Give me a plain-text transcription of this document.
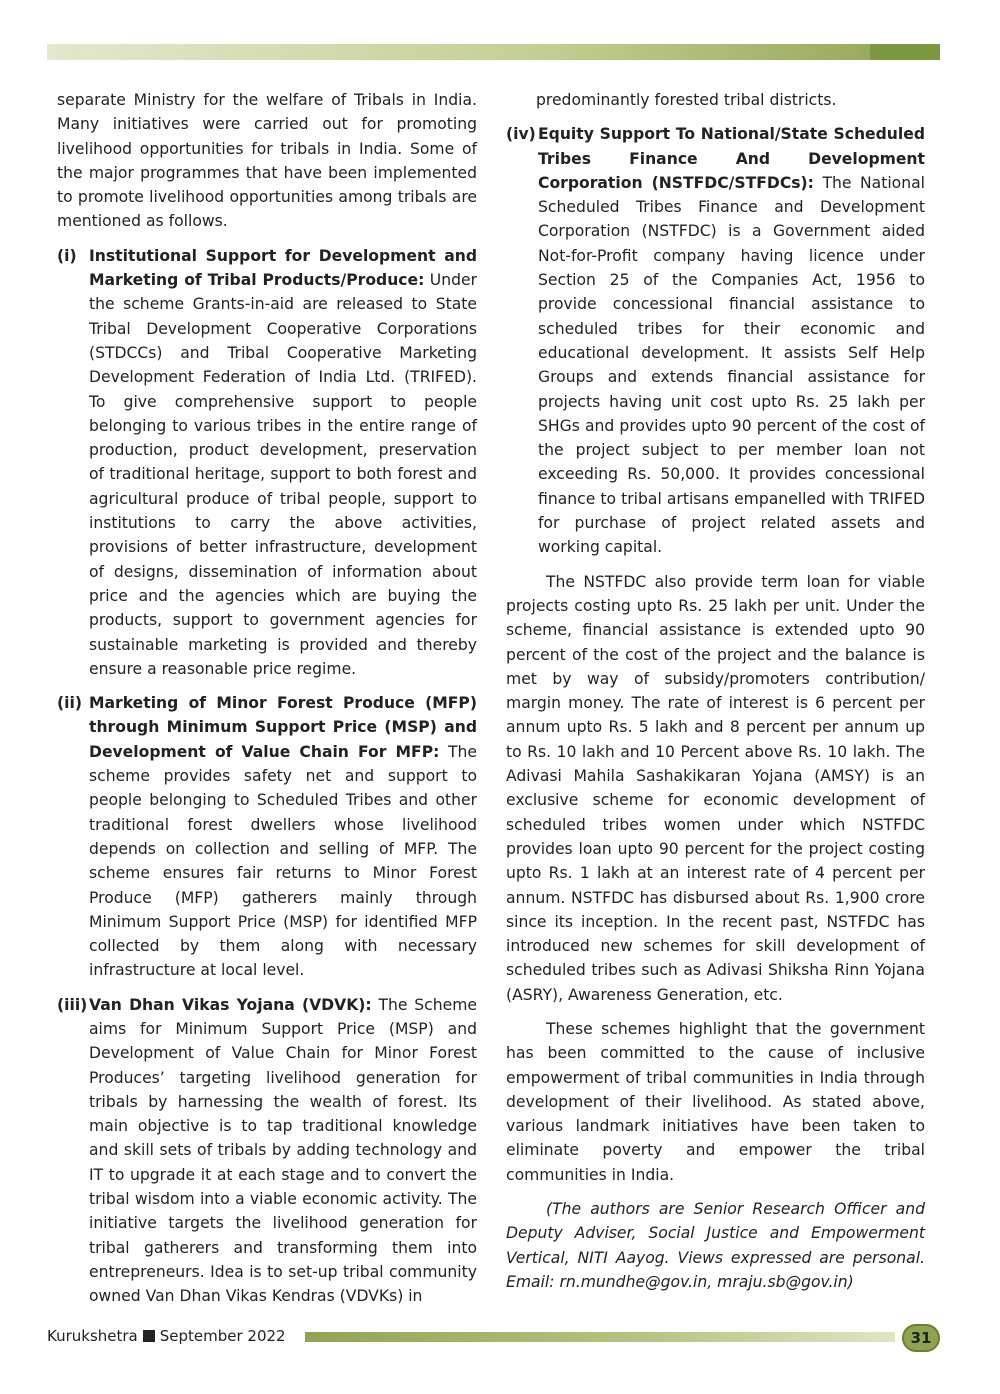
separate Ministry for the welfare of Tribals in India. Many initiatives were carried out for promoting livelihood opportunities for tribals in India. Some of the major programmes that have been implemented to promote livelihood opportunities among tribals are mentioned as follows.

(i) Institutional Support for Development and Marketing of Tribal Products/Produce: Under the scheme Grants-in-aid are released to State Tribal Development Cooperative Corporations (STDCCs) and Tribal Cooperative Marketing Development Federation of India Ltd. (TRIFED). To give comprehensive support to people belonging to various tribes in the entire range of production, product development, preservation of traditional heritage, support to both forest and agricultural produce of tribal people, support to institutions to carry the above activities, provisions of better infrastructure, development of designs, dissemination of information about price and the agencies which are buying the products, support to government agencies for sustainable marketing is provided and thereby ensure a reasonable price regime.
(ii) Marketing of Minor Forest Produce (MFP) through Minimum Support Price (MSP) and Development of Value Chain For MFP: The scheme provides safety net and support to people belonging to Scheduled Tribes and other traditional forest dwellers whose livelihood depends on collection and selling of MFP. The scheme ensures fair returns to Minor Forest Produce (MFP) gatherers mainly through Minimum Support Price (MSP) for identified MFP collected by them along with necessary infrastructure at local level.
(iii) Van Dhan Vikas Yojana (VDVK): The Scheme aims for Minimum Support Price (MSP) and Development of Value Chain for Minor Forest Produces’ targeting livelihood generation for tribals by harnessing the wealth of forest. Its main objective is to tap traditional knowledge and skill sets of tribals by adding technology and IT to upgrade it at each stage and to convert the tribal wisdom into a viable economic activity. The initiative targets the livelihood generation for tribal gatherers and transforming them into entrepreneurs. Idea is to set-up tribal community owned Van Dhan Vikas Kendras (VDVKs) in

predominantly forested tribal districts.

(iv) Equity Support To National/State Scheduled Tribes Finance And Development Corporation (NSTFDC/STFDCs): The National Scheduled Tribes Finance and Development Corporation (NSTFDC) is a Government aided Not-for-Profit company having licence under Section 25 of the Companies Act, 1956 to provide concessional financial assistance to scheduled tribes for their economic and educational development. It assists Self Help Groups and extends financial assistance for projects having unit cost upto Rs. 25 lakh per SHGs and provides upto 90 percent of the cost of the project subject to per member loan not exceeding Rs. 50,000. It provides concessional finance to tribal artisans empanelled with TRIFED for purchase of project related assets and working capital.

The NSTFDC also provide term loan for viable projects costing upto Rs. 25 lakh per unit. Under the scheme, financial assistance is extended upto 90 percent of the cost of the project and the balance is met by way of subsidy/promoters contribution/ margin money. The rate of interest is 6 percent per annum upto Rs. 5 lakh and 8 percent per annum up to Rs. 10 lakh and 10 Percent above Rs. 10 lakh. The Adivasi Mahila Sashakikaran Yojana (AMSY) is an exclusive scheme for economic development of scheduled tribes women under which NSTFDC provides loan upto 90 percent for the project costing upto Rs. 1 lakh at an interest rate of 4 percent per annum. NSTFDC has disbursed about Rs. 1,900 crore since its inception. In the recent past, NSTFDC has introduced new schemes for skill development of scheduled tribes such as Adivasi Shiksha Rinn Yojana (ASRY), Awareness Generation, etc.

These schemes highlight that the government has been committed to the cause of inclusive empowerment of tribal communities in India through development of their livelihood. As stated above, various landmark initiatives have been taken to eliminate poverty and empower the tribal communities in India.

(The authors are Senior Research Officer and Deputy Adviser, Social Justice and Empowerment Vertical, NITI Aayog. Views expressed are personal. Email: rn.mundhe@gov.in, mraju.sb@gov.in)

Kurukshetra September 2022	31
